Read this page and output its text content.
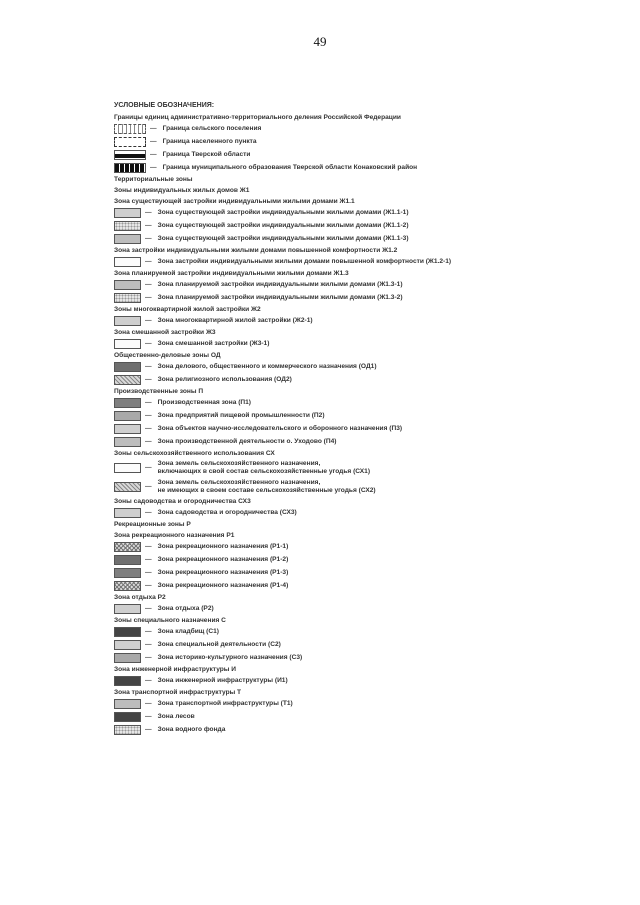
49
УСЛОВНЫЕ ОБОЗНАЧЕНИЯ:
Границы единиц административно-территориального деления Российской Федерации
— Граница сельского поселения
— Граница населенного пункта
— Граница Тверской области
— Граница муниципального образования Тверской области Конаковский район
Территориальные зоны
Зоны индивидуальных жилых домов Ж1
Зона существующей застройки индивидуальными жилыми домами Ж1.1
— Зона существующей застройки индивидуальными жилыми домами (Ж1.1-1)
— Зона существующей застройки индивидуальными жилыми домами (Ж1.1-2)
— Зона существующей застройки индивидуальными жилыми домами (Ж1.1-3)
Зона застройки индивидуальными жилыми домами повышенной комфортности Ж1.2
— Зона застройки индивидуальными жилыми домами повышенной комфортности (Ж1.2-1)
Зона планируемой застройки индивидуальными жилыми домами Ж1.3
— Зона планируемой застройки индивидуальными жилыми домами (Ж1.3-1)
— Зона планируемой застройки индивидуальными жилыми домами (Ж1.3-2)
Зоны многоквартирной жилой застройки Ж2
— Зона многоквартирной жилой застройки (Ж2-1)
Зона смешанной застройки Ж3
— Зона смешанной застройки (Ж3-1)
Общественно-деловые зоны ОД
— Зона делового, общественного и коммерческого назначения (ОД1)
— Зона религиозного использования (ОД2)
Производственные зоны П
— Производственная зона (П1)
— Зона предприятий пищевой промышленности (П2)
— Зона объектов научно-исследовательского и оборонного назначения (П3)
— Зона производственной деятельности о. Уходово (П4)
Зоны сельскохозяйственного использования СХ
—
Зона земель сельскохозяйственного назначения,
включающих в свой состав сельскохозяйственные угодья (СХ1)
—
Зона земель сельскохозяйственного назначения,
не имеющих в своем составе сельскохозяйственные угодья (СХ2)
Зоны садоводства и огородничества СХ3
— Зона садоводства и огородничества (СХ3)
Рекреационные зоны Р
Зона рекреационного назначения Р1
— Зона рекреационного назначения (Р1-1)
— Зона рекреационного назначения (Р1-2)
— Зона рекреационного назначения (Р1-3)
— Зона рекреационного назначения (Р1-4)
Зона отдыха Р2
— Зона отдыха (Р2)
Зоны специального назначения С
— Зона кладбищ (С1)
— Зона специальной деятельности (С2)
— Зона историко-культурного назначения (С3)
Зона инженерной инфраструктуры И
— Зона инженерной инфраструктуры (И1)
Зона транспортной инфраструктуры Т
— Зона транспортной инфраструктуры (Т1)
— Зона лесов
— Зона водного фонда
